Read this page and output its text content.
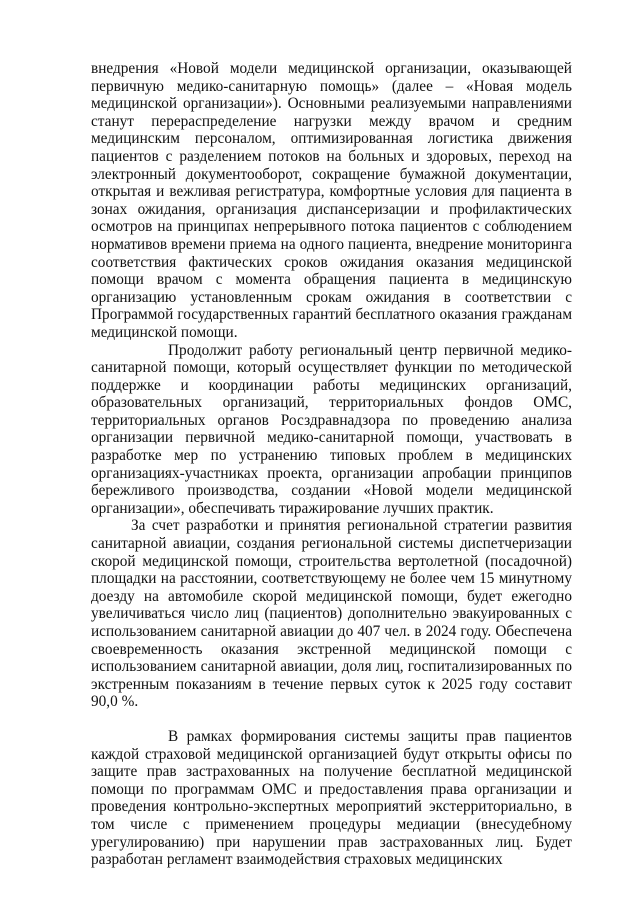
внедрения «Новой модели медицинской организации, оказывающей первичную медико-санитарную помощь» (далее – «Новая модель медицинской организации»). Основными реализуемыми направлениями станут перераспределение нагрузки между врачом и средним медицинским персоналом, оптимизированная логистика движения пациентов с разделением потоков на больных и здоровых, переход на электронный документооборот, сокращение бумажной документации, открытая и вежливая регистратура, комфортные условия для пациента в зонах ожидания, организация диспансеризации и профилактических осмотров на принципах непрерывного потока пациентов с соблюдением нормативов времени приема на одного пациента, внедрение мониторинга соответствия фактических сроков ожидания оказания медицинской помощи врачом с момента обращения пациента в медицинскую организацию установленным срокам ожидания в соответствии с Программой государственных гарантий бесплатного оказания гражданам медицинской помощи.

Продолжит работу региональный центр первичной медико-санитарной помощи, который осуществляет функции по методической поддержке и координации работы медицинских организаций, образовательных организаций, территориальных фондов ОМС, территориальных органов Росздравнадзора по проведению анализа организации первичной медико-санитарной помощи, участвовать в разработке мер по устранению типовых проблем в медицинских организациях-участниках проекта, организации апробации принципов бережливого производства, создании «Новой модели медицинской организации», обеспечивать тиражирование лучших практик.

За счет разработки и принятия региональной стратегии развития санитарной авиации, создания региональной системы диспетчеризации скорой медицинской помощи, строительства вертолетной (посадочной) площадки на расстоянии, соответствующему не более чем 15 минутному доезду на автомобиле скорой медицинской помощи, будет ежегодно увеличиваться число лиц (пациентов) дополнительно эвакуированных с использованием санитарной авиации до 407 чел. в 2024 году. Обеспечена своевременность оказания экстренной медицинской помощи с использованием санитарной авиации, доля лиц, госпитализированных по экстренным показаниям в течение первых суток к 2025 году составит 90,0 %.

В рамках формирования системы защиты прав пациентов каждой страховой медицинской организацией будут открыты офисы по защите прав застрахованных на получение бесплатной медицинской помощи по программам ОМС и предоставления права организации и проведения контрольно-экспертных мероприятий экстерриториально, в том числе с применением процедуры медиации (внесудебному урегулированию) при нарушении прав застрахованных лиц. Будет разработан регламент взаимодействия страховых медицинских
